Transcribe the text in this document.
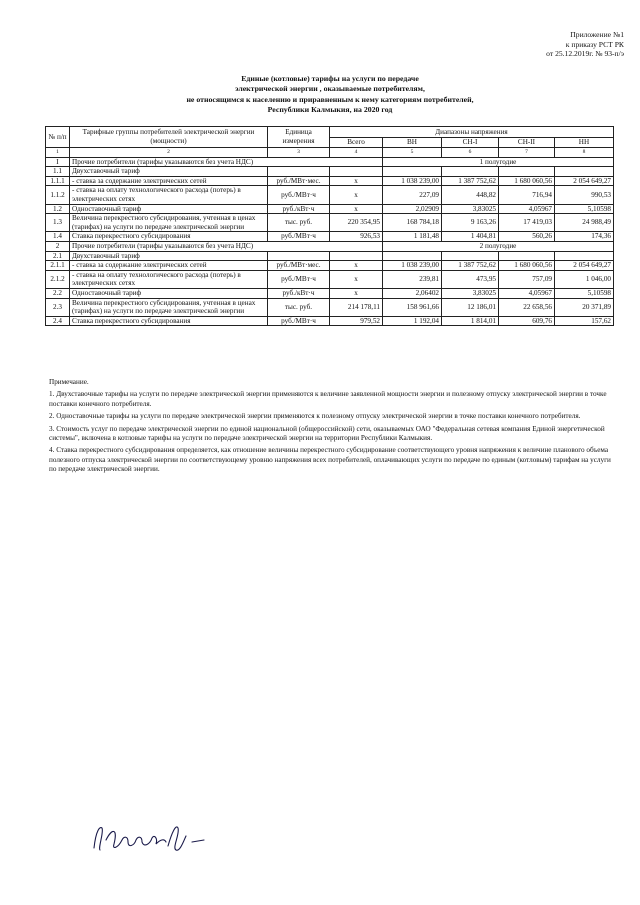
Приложение №1
к приказу РСТ РК
от 25.12.2019г. № 93-п/э
Единые (котловые) тарифы на услуги по передаче
электрической энергии , оказываемые потребителям,
не относящимся к населению и приравненным к нему категориям потребителей,
Республики Калмыкия, на 2020 год
№ п/п	Тарифные группы потребителей электрической энергии (мощности)	Единица измерения	Диапазоны напряжения				
			Всего	ВН	СН-I	СН-II	НН
1	2	3	4	5	6	7	8
I	Прочие потребители (тарифы указываются без учета НДС)			1 полугодие			
1.1	Двухставочный тариф						
1.1.1	- ставка за содержание электрических сетей	руб./МВт·мес.	х	1 038 239,00	1 387 752,62	1 680 060,56	2 054 649,27
1.1.2	- ставка на оплату технологического расхода (потерь) в электрических сетях	руб./МВт·ч	х	227,09	448,82	716,94	990,53
1.2	Одноставочный тариф	руб./кВт·ч	х	2,02909	3,83025	4,05967	5,10598
1.3	Величина перекрестного субсидирования, учтенная в ценах (тарифах) на услуги по передаче электрической энергии	тыс. руб.	220 354,95	168 784,18	9 163,26	17 419,03	24 988,49
1.4	Ставка перекрестного субсидирования	руб./МВт·ч	926,53	1 181,48	1 404,81	560,26	174,36
2	Прочие потребители (тарифы указываются без учета НДС)			2 полугодие			
2.1	Двухставочный тариф						
2.1.1	- ставка за содержание электрических сетей	руб./МВт·мес.	х	1 038 239,00	1 387 752,62	1 680 060,56	2 054 649,27
2.1.2	- ставка на оплату технологического расхода (потерь) в электрических сетях	руб./МВт·ч	х	239,81	473,95	757,09	1 046,00
2.2	Одноставочный тариф	руб./кВт·ч	х	2,06402	3,83025	4,05967	5,10598
2.3	Величина перекрестного субсидирования, учтенная в ценах (тарифах) на услуги по передаче электрической энергии	тыс. руб.	214 178,11	158 961,66	12 186,01	22 658,56	20 371,89
2.4	Ставка перекрестного субсидирования	руб./МВт·ч	979,52	1 192,04	1 814,01	609,76	157,62

Примечание.

1. Двухставочные тарифы на услуги по передаче электрической энергии применяются к величине заявленной мощности энергии и полезному отпуску электрической энергии в точке поставки конечного потребителя.

2. Одноставочные тарифы на услуги по передаче электрической энергии применяются к полезному отпуску электрической энергии в точке поставки конечного потребителя.

3. Стоимость услуг по передаче электрической энергии по единой национальной (общероссийской) сети, оказываемых ОАО "Федеральная сетевая компания Единой энергетической системы", включена в котловые тарифы на услуги по передаче электрической энергии на территории Республики Калмыкия.

4. Ставка перекрестного субсидирования определяется, как отношение величины перекрестного субсидирование соответствующего уровня напряжения к величине планового объема полезного отпуска электрической энергии по соответствующему уровню напряжения всех потребителей, оплачивающих услуги по передаче по единым (котловым) тарифам на услуги по передаче электрической энергии.
